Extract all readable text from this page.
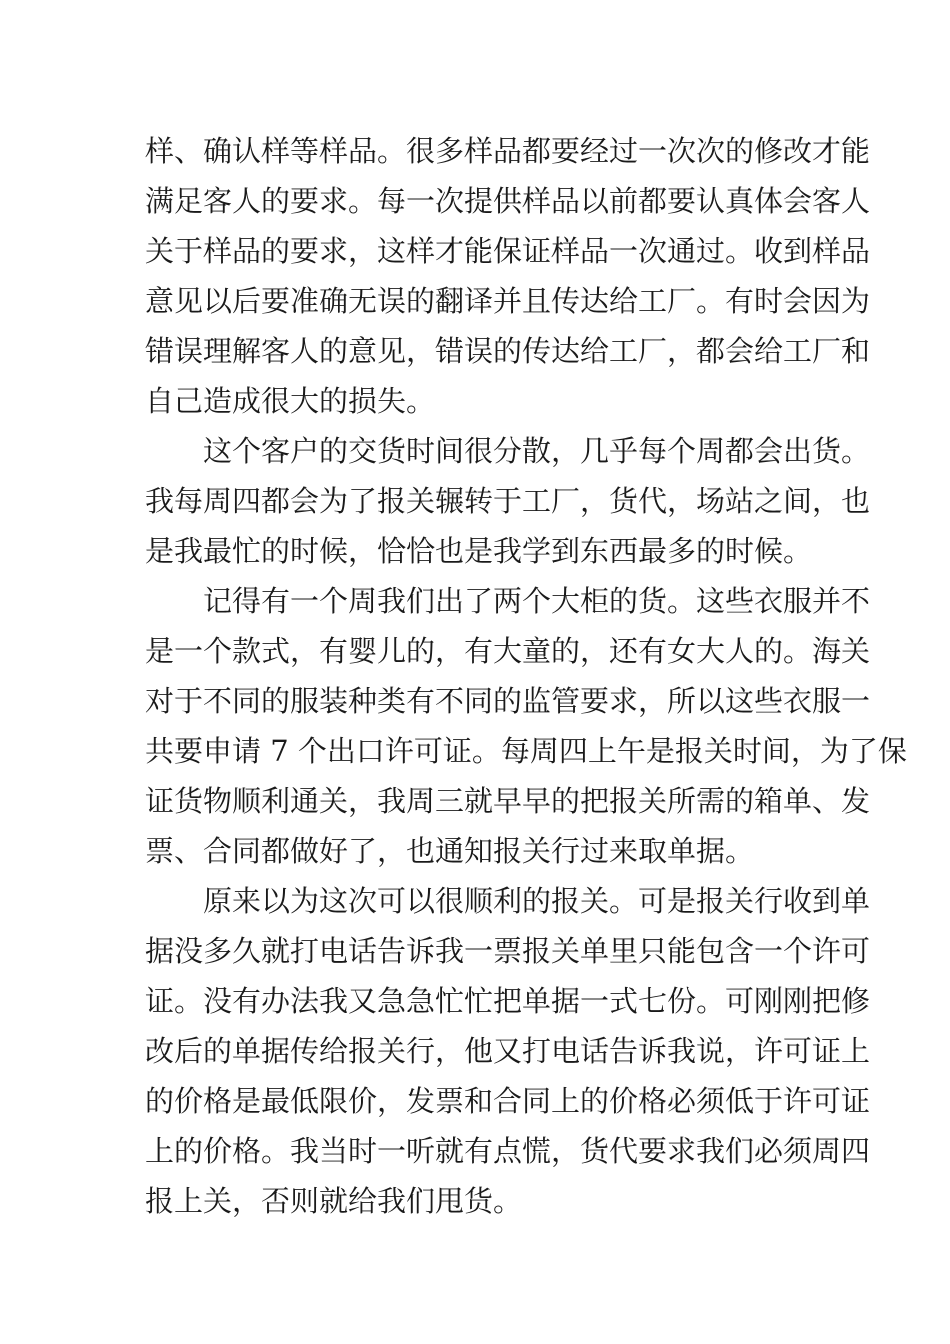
样、确认样等样品。很多样品都要经过一次次的修改才能
满足客人的要求。每一次提供样品以前都要认真体会客人
关于样品的要求，这样才能保证样品一次通过。收到样品
意见以后要准确无误的翻译并且传达给工厂。有时会因为
错误理解客人的意见，错误的传达给工厂，都会给工厂和
自己造成很大的损失。
这个客户的交货时间很分散，几乎每个周都会出货。
我每周四都会为了报关辗转于工厂，货代，场站之间，也
是我最忙的时候，恰恰也是我学到东西最多的时候。
记得有一个周我们出了两个大柜的货。这些衣服并不
是一个款式，有婴儿的，有大童的，还有女大人的。海关
对于不同的服装种类有不同的监管要求，所以这些衣服一
共要申请 7 个出口许可证。每周四上午是报关时间，为了保
证货物顺利通关，我周三就早早的把报关所需的箱单、发
票、合同都做好了，也通知报关行过来取单据。
原来以为这次可以很顺利的报关。可是报关行收到单
据没多久就打电话告诉我一票报关单里只能包含一个许可
证。没有办法我又急急忙忙把单据一式七份。可刚刚把修
改后的单据传给报关行，他又打电话告诉我说，许可证上
的价格是最低限价，发票和合同上的价格必须低于许可证
上的价格。我当时一听就有点慌，货代要求我们必须周四
报上关，否则就给我们甩货。
